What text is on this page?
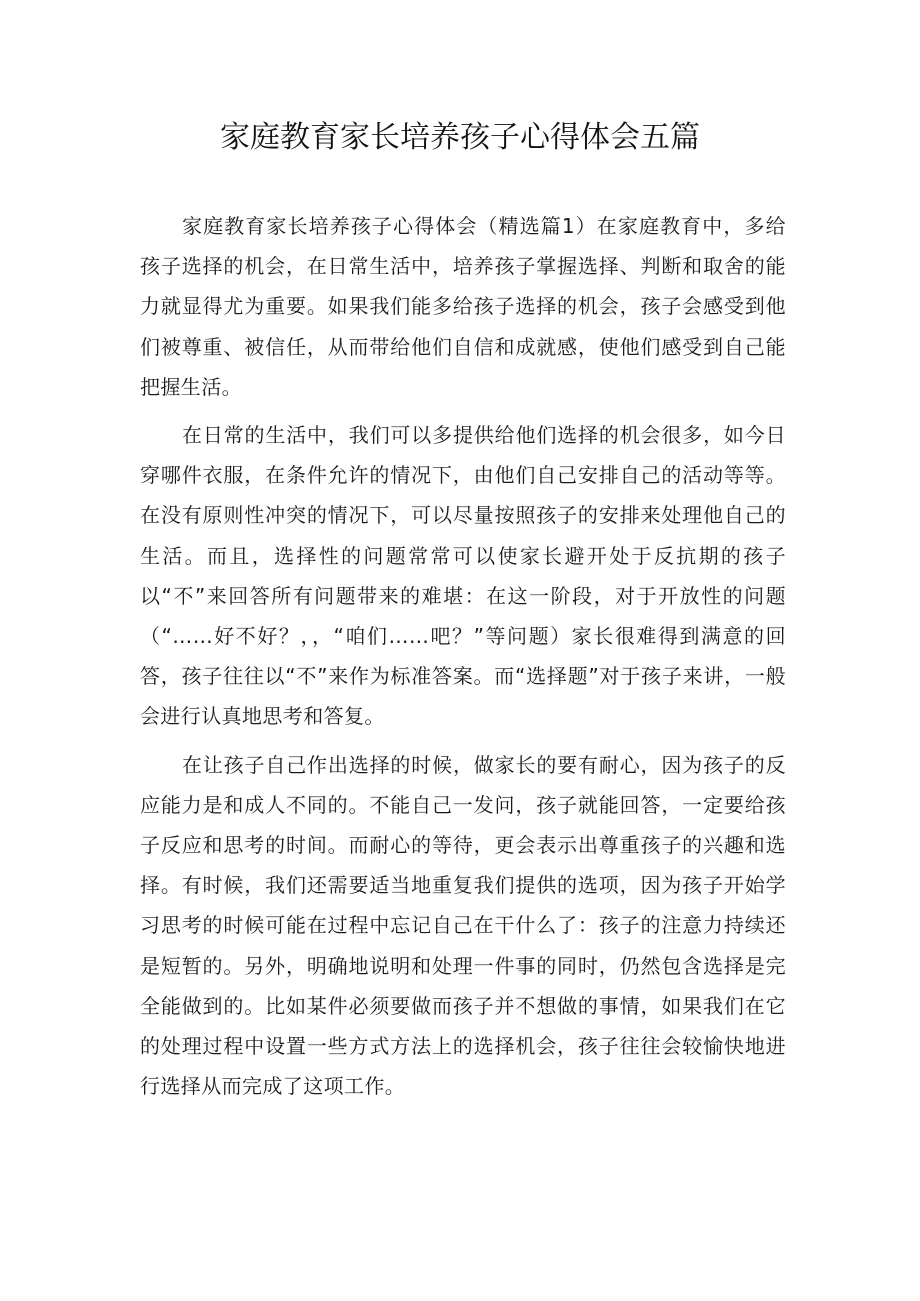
家庭教育家长培养孩子心得体会五篇

家庭教育家长培养孩子心得体会（精选篇1）在家庭教育中，多给孩子选择的机会，在日常生活中，培养孩子掌握选择、判断和取舍的能力就显得尤为重要。如果我们能多给孩子选择的机会，孩子会感受到他们被尊重、被信任，从而带给他们自信和成就感，使他们感受到自己能把握生活。

在日常的生活中，我们可以多提供给他们选择的机会很多，如今日穿哪件衣服，在条件允许的情况下，由他们自己安排自己的活动等等。在没有原则性冲突的情况下，可以尽量按照孩子的安排来处理他自己的生活。而且，选择性的问题常常可以使家长避开处于反抗期的孩子以“不”来回答所有问题带来的难堪：在这一阶段，对于开放性的问题（“……好不好？，，“咱们……吧？”等问题）家长很难得到满意的回答，孩子往往以“不”来作为标准答案。而“选择题”对于孩子来讲，一般会进行认真地思考和答复。

在让孩子自己作出选择的时候，做家长的要有耐心，因为孩子的反应能力是和成人不同的。不能自己一发问，孩子就能回答，一定要给孩子反应和思考的时间。而耐心的等待，更会表示出尊重孩子的兴趣和选择。有时候，我们还需要适当地重复我们提供的选项，因为孩子开始学习思考的时候可能在过程中忘记自己在干什么了：孩子的注意力持续还是短暂的。另外，明确地说明和处理一件事的同时，仍然包含选择是完全能做到的。比如某件必须要做而孩子并不想做的事情，如果我们在它的处理过程中设置一些方式方法上的选择机会，孩子往往会较愉快地进行选择从而完成了这项工作。
